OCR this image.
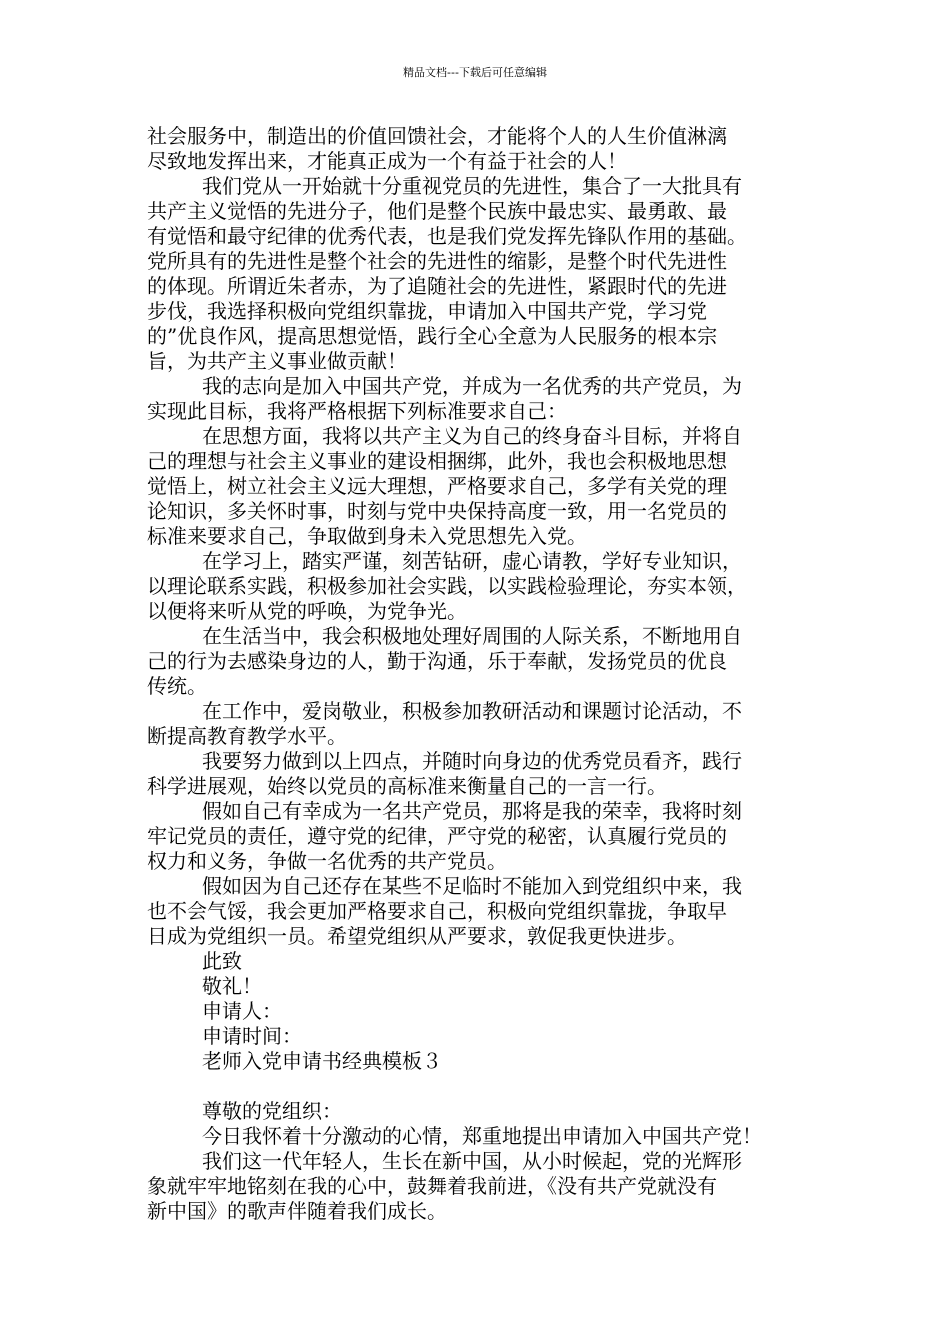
精品文档---下载后可任意编辑
社会服务中，制造出的价值回馈社会，才能将个人的人生价值淋漓
尽致地发挥出来，才能真正成为一个有益于社会的人！
我们党从一开始就十分重视党员的先进性，集合了一大批具有
共产主义觉悟的先进分子，他们是整个民族中最忠实、最勇敢、最
有觉悟和最守纪律的优秀代表，也是我们党发挥先锋队作用的基础。
党所具有的先进性是整个社会的先进性的缩影，是整个时代先进性
的体现。所谓近朱者赤，为了追随社会的先进性，紧跟时代的先进
步伐，我选择积极向党组织靠拢，申请加入中国共产党，学习党
的”优良作风，提高思想觉悟，践行全心全意为人民服务的根本宗
旨，为共产主义事业做贡献！
我的志向是加入中国共产党，并成为一名优秀的共产党员，为
实现此目标，我将严格根据下列标准要求自己：
在思想方面，我将以共产主义为自己的终身奋斗目标，并将自
己的理想与社会主义事业的建设相捆绑，此外，我也会积极地思想
觉悟上，树立社会主义远大理想，严格要求自己，多学有关党的理
论知识，多关怀时事，时刻与党中央保持高度一致，用一名党员的
标准来要求自己，争取做到身未入党思想先入党。
在学习上，踏实严谨，刻苦钻研，虚心请教，学好专业知识，
以理论联系实践，积极参加社会实践，以实践检验理论，夯实本领，
以便将来听从党的呼唤，为党争光。
在生活当中，我会积极地处理好周围的人际关系，不断地用自
己的行为去感染身边的人，勤于沟通，乐于奉献，发扬党员的优良
传统。
在工作中，爱岗敬业，积极参加教研活动和课题讨论活动，不
断提高教育教学水平。
我要努力做到以上四点，并随时向身边的优秀党员看齐，践行
科学进展观，始终以党员的高标准来衡量自己的一言一行。
假如自己有幸成为一名共产党员，那将是我的荣幸，我将时刻
牢记党员的责任，遵守党的纪律，严守党的秘密，认真履行党员的
权力和义务，争做一名优秀的共产党员。
假如因为自己还存在某些不足临时不能加入到党组织中来，我
也不会气馁，我会更加严格要求自己，积极向党组织靠拢，争取早
日成为党组织一员。希望党组织从严要求，敦促我更快进步。
此致
敬礼！
申请人：
申请时间：
老师入党申请书经典模板３
尊敬的党组织：
今日我怀着十分激动的心情，郑重地提出申请加入中国共产党！
我们这一代年轻人，生长在新中国，从小时候起，党的光辉形
象就牢牢地铭刻在我的心中，鼓舞着我前进，《没有共产党就没有
新中国》的歌声伴随着我们成长。
